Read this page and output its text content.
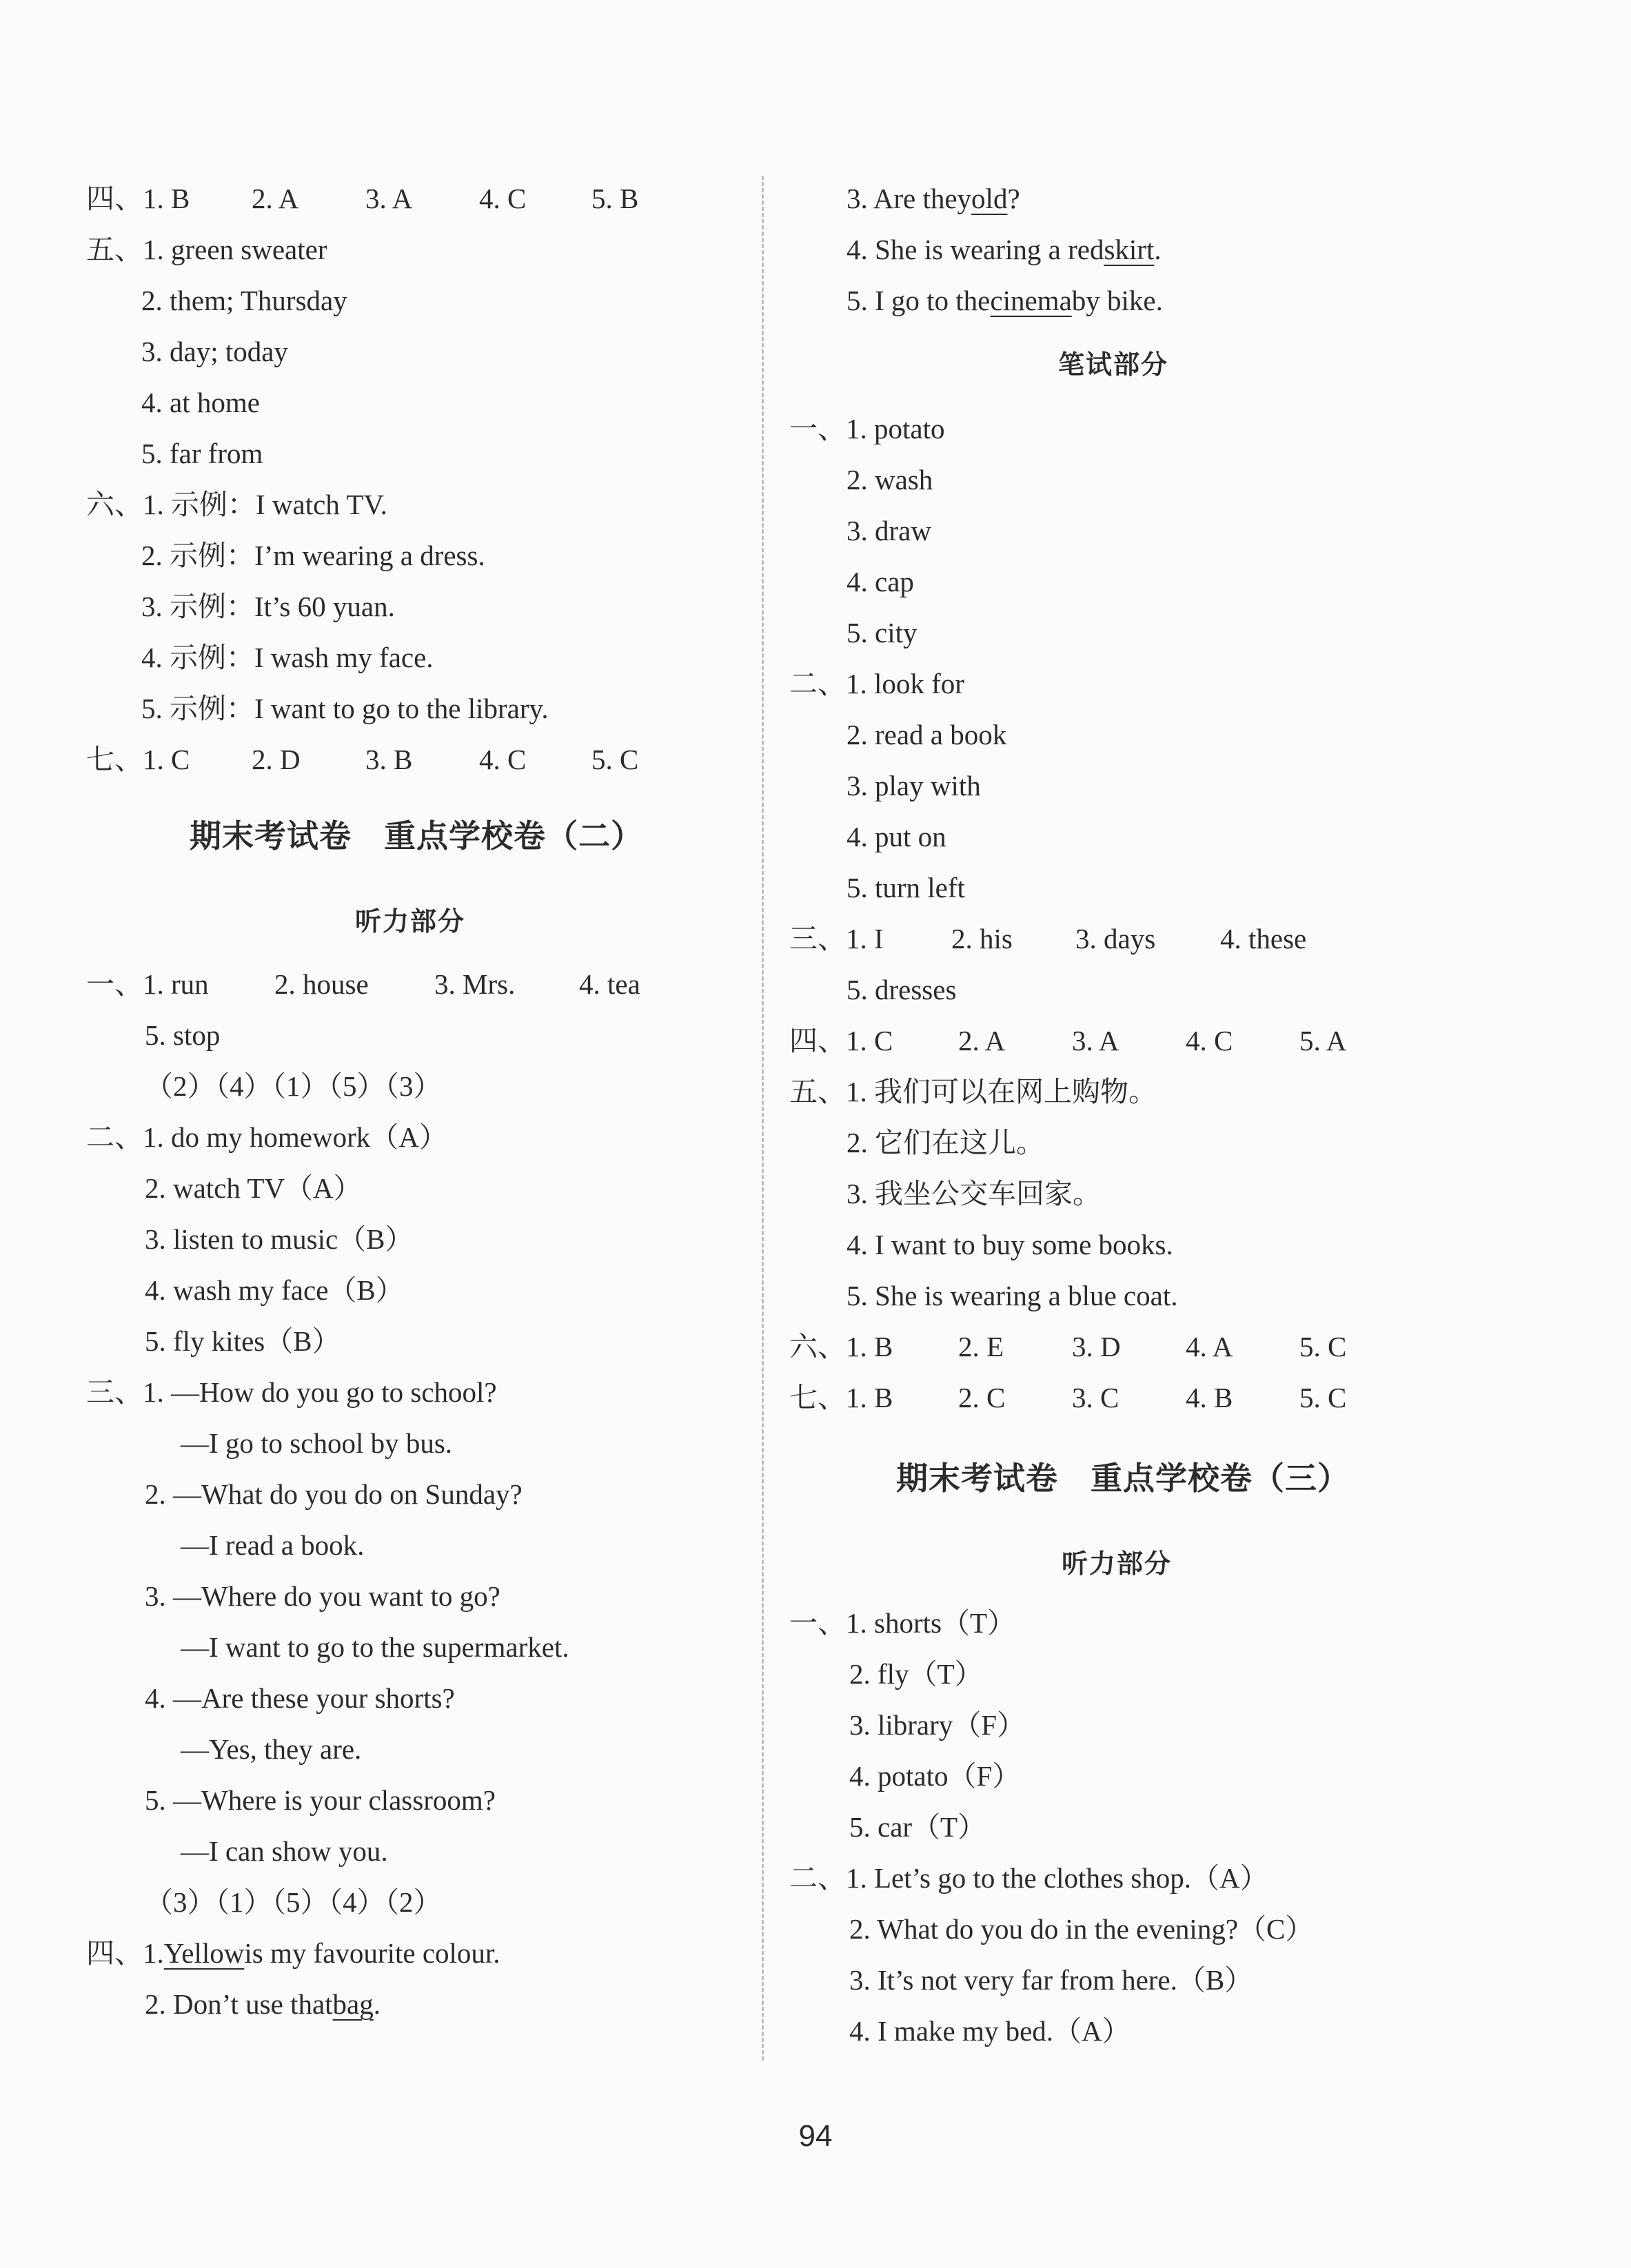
期末考试卷　重点学校卷（二）
听力部分
四、1. B 2. A 3. A 4. C 5. B
五、1. green sweater
2. them; Thursday
3. day; today
4. at home
5. far from
六、1. 示例：I watch TV.
2. 示例：I’m wearing a dress.
3. 示例：It’s 60 yuan.
4. 示例：I wash my face.
5. 示例：I want to go to the library.
七、1. C 2. D 3. B 4. C 5. C
一、1. run 2. house 3. Mrs. 4. tea
5. stop
（2）（4）（1）（5）（3）
二、1. do my homework（A）
2. watch TV（A）
3. listen to music（B）
4. wash my face（B）
5. fly kites（B）
三、1. —How do you go to school?
—I go to school by bus.
2. —What do you do on Sunday?
—I read a book.
3. —Where do you want to go?
—I want to go to the supermarket.
4. —Are these your shorts?
—Yes, they are.
5. —Where is your classroom?
—I can show you.
（3）（1）（5）（4）（2）
四、1.Yellowis my favourite colour.
2. Don’t use thatbag.
笔试部分
期末考试卷　重点学校卷（三）
听力部分
3. Are theyold?
4. She is wearing a redskirt.
5. I go to thecinemaby bike.
一、1. potato
2. wash
3. draw
4. cap
5. city
二、1. look for
2. read a book
3. play with
4. put on
5. turn left
三、1. I 2. his 3. days 4. these
5. dresses
四、1. C 2. A 3. A 4. C 5. A
五、1. 我们可以在网上购物。
2. 它们在这儿。
3. 我坐公交车回家。
4. I want to buy some books.
5. She is wearing a blue coat.
六、1. B 2. E 3. D 4. A 5. C
七、1. B 2. C 3. C 4. B 5. C
一、1. shorts（T）
2. fly（T）
3. library（F）
4. potato（F）
5. car（T）
二、1. Let’s go to the clothes shop.（A）
2. What do you do in the evening?（C）
3. It’s not very far from here.（B）
4. I make my bed.（A）
94
